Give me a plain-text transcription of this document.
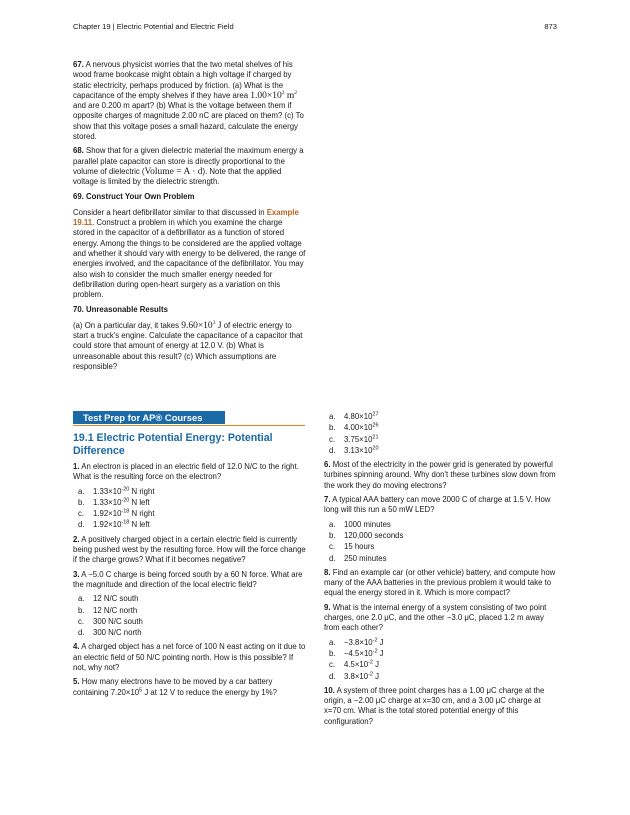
Chapter 19 | Electric Potential and Electric Field	873

67. A nervous physicist worries that the two metal shelves of his wood frame bookcase might obtain a high voltage if charged by static electricity, perhaps produced by friction. (a) What is the capacitance of the empty shelves if they have area $1.00\times 10^2$ $m^2$ and are 0.200 m apart? (b) What is the voltage between them if opposite charges of magnitude 2.00 nC are placed on them? (c) To show that this voltage poses a small hazard, calculate the energy stored.

68. Show that for a given dielectric material the maximum energy a parallel plate capacitor can store is directly proportional to the volume of dielectric (Volume = A · d). Note that the applied voltage is limited by the dielectric strength.

69. Construct Your Own Problem

Consider a heart defibrillator similar to that discussed in Example 19.11. Construct a problem in which you examine the charge stored in the capacitor of a defibrillator as a function of stored energy. Among the things to be considered are the applied voltage and whether it should vary with energy to be delivered, the range of energies involved, and the capacitance of the defibrillator. You may also wish to consider the much smaller energy needed for defibrillation during open-heart surgery as a variation on this problem.

70. Unreasonable Results

(a) On a particular day, it takes $9.60\times 10^3$ J of electric energy to start a truck's engine. Calculate the capacitance of a capacitor that could store that amount of energy at 12.0 V. (b) What is unreasonable about this result? (c) Which assumptions are responsible?

Test Prep for AP® Courses
19.1 Electric Potential Energy: Potential Difference

1. An electron is placed in an electric field of 12.0 N/C to the right. What is the resulting force on the electron?

a. $1.33\times 10^{-20}$ N right
b. $1.33\times 10^{-20}$ N left
c. $1.92\times 10^{-18}$ N right
d. $1.92\times 10^{-18}$ N left

2. A positively charged object in a certain electric field is currently being pushed west by the resulting force. How will the force change if the charge grows? What if it becomes negative?

3. A −5.0 C charge is being forced south by a 60 N force. What are the magnitude and direction of the local electric field?

a. 12 N/C south
b. 12 N/C north
c. 300 N/C south
d. 300 N/C north

4. A charged object has a net force of 100 N east acting on it due to an electric field of 50 N/C pointing north. How is this possible? If not, why not?

5. How many electrons have to be moved by a car battery containing $7.20\times 10^5$ J at 12 V to reduce the energy by 1%?

a. $4.80\times 10^{27}$
b. $4.00\times 10^{26}$
c. $3.75\times 10^{21}$
d. $3.13\times 10^{20}$

6. Most of the electricity in the power grid is generated by powerful turbines spinning around. Why don't these turbines slow down from the work they do moving electrons?

7. A typical AAA battery can move 2000 C of charge at 1.5 V. How long will this run a 50 mW LED?

a. 1000 minutes
b. 120,000 seconds
c. 15 hours
d. 250 minutes

8. Find an example car (or other vehicle) battery, and compute how many of the AAA batteries in the previous problem it would take to equal the energy stored in it. Which is more compact?

9. What is the internal energy of a system consisting of two point charges, one 2.0 μC, and the other −3.0 μC, placed 1.2 m away from each other?

a. $-3.8\times 10^{-2}$ J
b. $-4.5\times 10^{-2}$ J
c. $4.5\times 10^{-2}$ J
d. $3.8\times 10^{-2}$ J

10. A system of three point charges has a 1.00 μC charge at the origin, a −2.00 μC charge at x=30 cm, and a 3.00 μC charge at x=70 cm. What is the total stored potential energy of this configuration?
